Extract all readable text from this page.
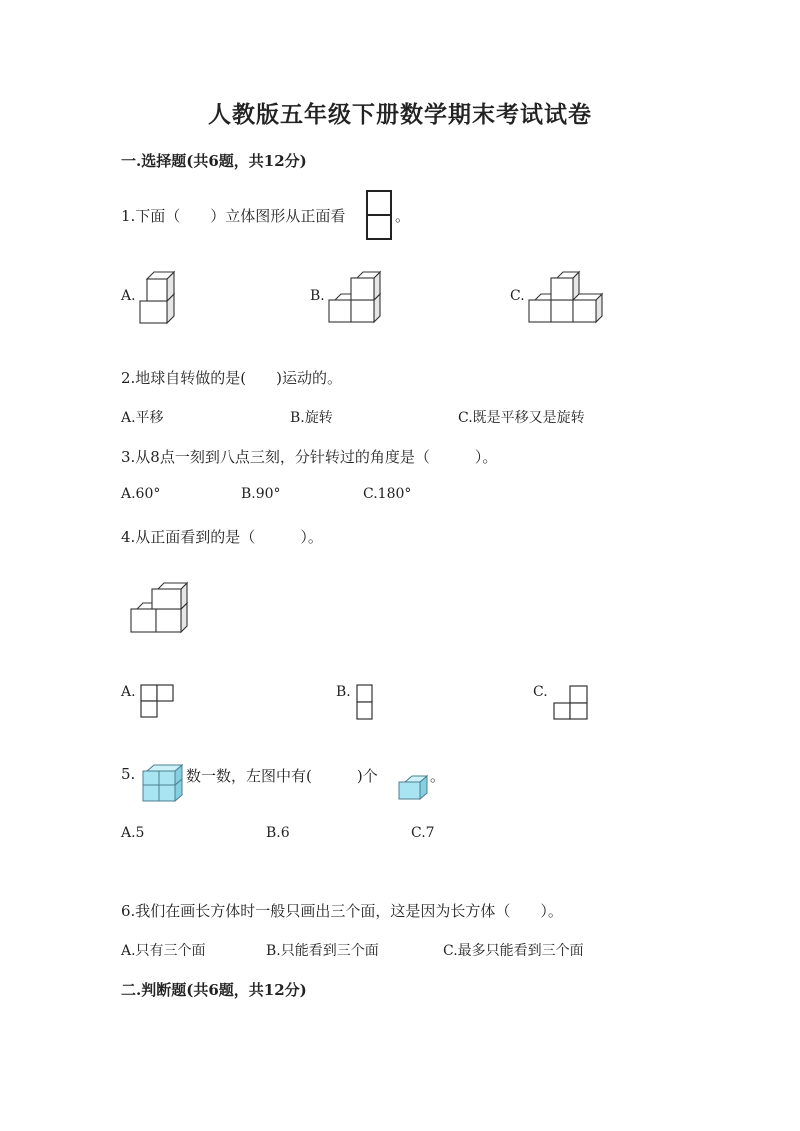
人教版五年级下册数学期末考试试卷
一.选择题(共6题，共12分)
1.下面（　　）立体图形从正面看	。
A.	B.	C.
2.地球自转做的是(　　)运动的。
A.平移	B.旋转	C.既是平移又是旋转
3.从8点一刻到八点三刻，分针转过的角度是（　　　）。
A.60°	B.90°	C.180°
4.从正面看到的是（　　　）。
A.	B.	C.
5.	数一数，左图中有(　　　)个	。
A.5	B.6	C.7
6.我们在画长方体时一般只画出三个面，这是因为长方体（　　）。
A.只有三个面	B.只能看到三个面	C.最多只能看到三个面
二.判断题(共6题，共12分)
